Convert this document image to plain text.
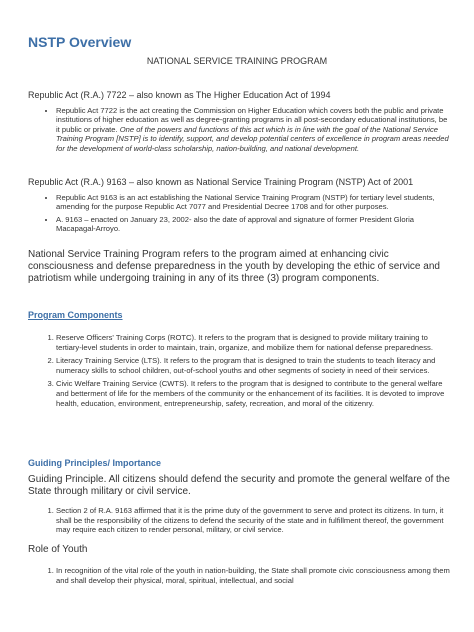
NSTP Overview

NATIONAL SERVICE TRAINING PROGRAM

Republic Act (R.A.) 7722 – also known as The Higher Education Act of 1994

• Republic Act 7722 is the act creating the Commission on Higher Education which covers both the public and private institutions of higher education as well as degree-granting programs in all post-secondary educational institutions, be it public or private. One of the powers and functions of this act which is in line with the goal of the National Service Training Program [NSTP] is to identify, support, and develop potential centers of excellence in program areas needed for the development of world-class scholarship, nation-building, and national development.

Republic Act (R.A.) 9163 – also known as National Service Training Program (NSTP) Act of 2001

• Republic Act 9163 is an act establishing the National Service Training Program (NSTP) for tertiary level students, amending for the purpose Republic Act 7077 and Presidential Decree 1708 and for other purposes.
• A. 9163 – enacted on January 23, 2002- also the date of approval and signature of former President Gloria Macapagal-Arroyo.

National Service Training Program refers to the program aimed at enhancing civic consciousness and defense preparedness in the youth by developing the ethic of service and patriotism while undergoing training in any of its three (3) program components.

Program Components
1. Reserve Officers' Training Corps (ROTC). It refers to the program that is designed to provide military training to tertiary-level students in order to maintain, train, organize, and mobilize them for national defense preparedness.
2. Literacy Training Service (LTS). It refers to the program that is designed to train the students to teach literacy and numeracy skills to school children, out-of-school youths and other segments of society in need of their services.
3. Civic Welfare Training Service (CWTS). It refers to the program that is designed to contribute to the general welfare and betterment of life for the members of the community or the enhancement of its facilities. It is devoted to improve health, education, environment, entrepreneurship, safety, recreation, and moral of the citizenry.
Guiding Principles/ Importance

Guiding Principle. All citizens should defend the security and promote the general welfare of the State through military or civil service.

1. Section 2 of R.A. 9163 affirmed that it is the prime duty of the government to serve and protect its citizens. In turn, it shall be the responsibility of the citizens to defend the security of the state and in fulfillment thereof, the government may require each citizen to render personal, military, or civil service.

Role of Youth

1. In recognition of the vital role of the youth in nation-building, the State shall promote civic consciousness among them and shall develop their physical, moral, spiritual, intellectual, and social
